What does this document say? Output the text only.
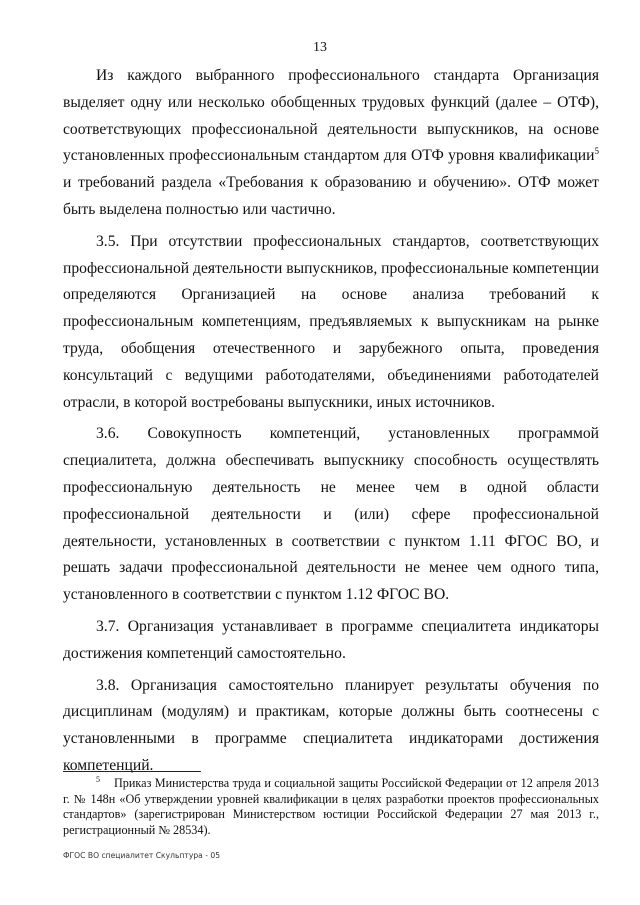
13

Из каждого выбранного профессионального стандарта Организация выделяет одну или несколько обобщенных трудовых функций (далее – ОТФ), соответствующих профессиональной деятельности выпускников, на основе установленных профессиональным стандартом для ОТФ уровня квалификации$^5$ и требований раздела «Требования к образованию и обучению». ОТФ может быть выделена полностью или частично.

3.5. При отсутствии профессиональных стандартов, соответствующих профессиональной деятельности выпускников, профессиональные компетенции определяются Организацией на основе анализа требований к профессиональным компетенциям, предъявляемых к выпускникам на рынке труда, обобщения отечественного и зарубежного опыта, проведения консультаций с ведущими работодателями, объединениями работодателей отрасли, в которой востребованы выпускники, иных источников.

3.6. Совокупность компетенций, установленных программой специалитета, должна обеспечивать выпускнику способность осуществлять профессиональную деятельность не менее чем в одной области профессиональной деятельности и (или) сфере профессиональной деятельности, установленных в соответствии с пунктом 1.11 ФГОС ВО, и решать задачи профессиональной деятельности не менее чем одного типа, установленного в соответствии с пунктом 1.12 ФГОС ВО.

3.7. Организация устанавливает в программе специалитета индикаторы достижения компетенций самостоятельно.

3.8. Организация самостоятельно планирует результаты обучения по дисциплинам (модулям) и практикам, которые должны быть соотнесены с установленными в программе специалитета индикаторами достижения компетенций.

$^5$ Приказ Министерства труда и социальной защиты Российской Федерации от 12 апреля 2013 г. № 148н «Об утверждении уровней квалификации в целях разработки проектов профессиональных стандартов» (зарегистрирован Министерством юстиции Российской Федерации 27 мая 2013 г., регистрационный № 28534).
ФГОС ВО специалитет Скульптура - 05
